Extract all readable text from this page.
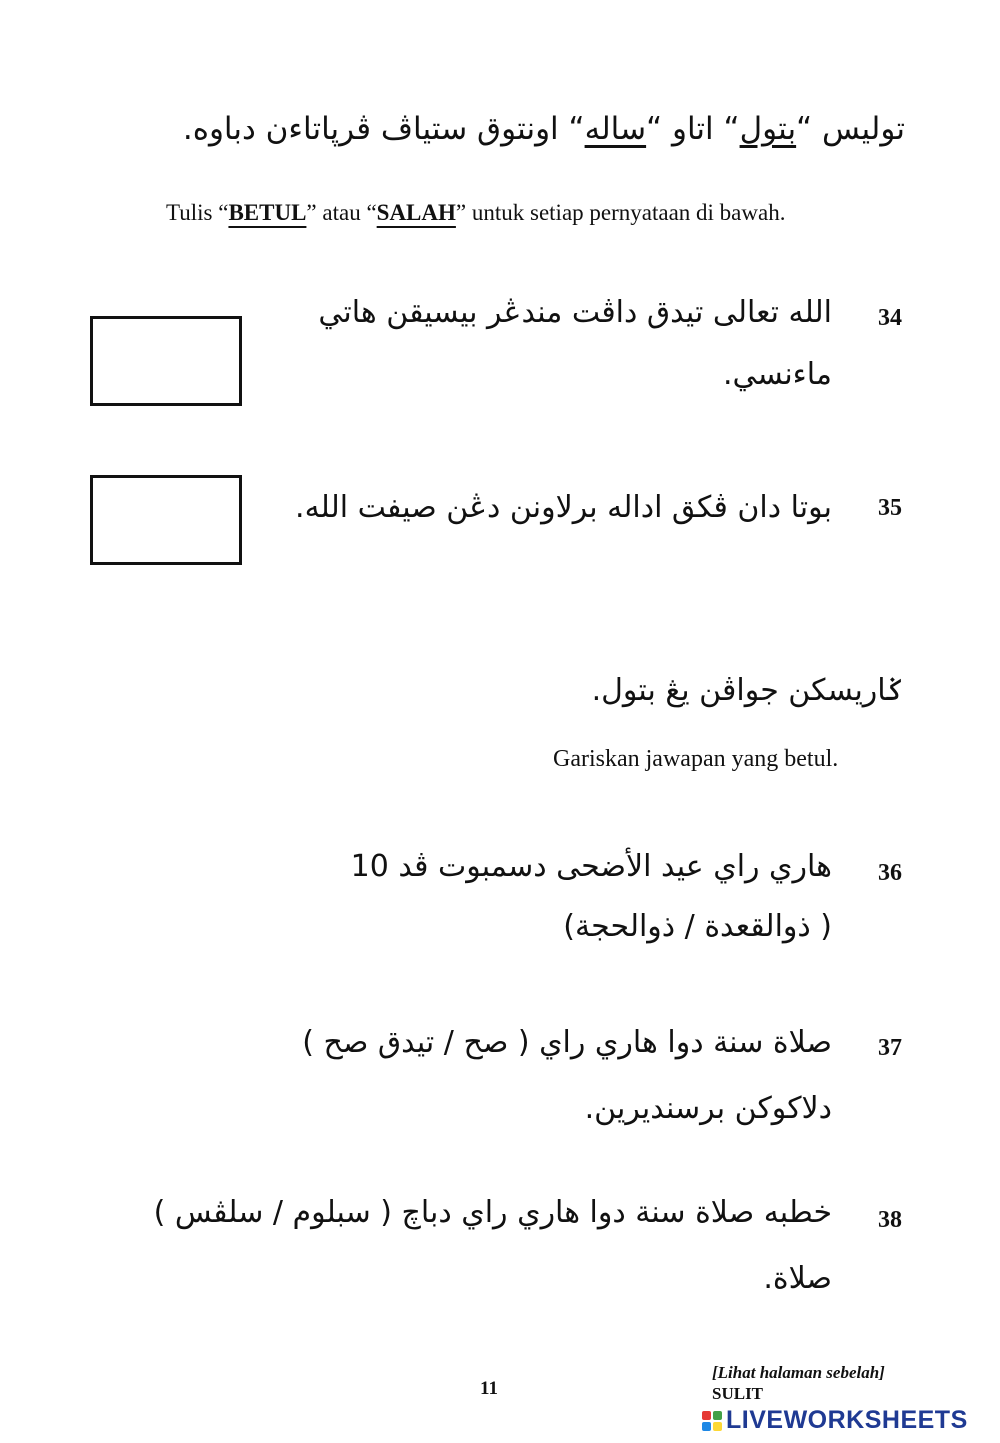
توليس “بتول“ اتاو “ساله“ اونتوق ستياڤ ڤرڽاتاءن دباوه.
Tulis “BETUL” atau “SALAH” untuk setiap pernyataan di bawah.
الله تعالى تيدق داڤت مندڠر بيسيقن هاتي
ماءنسي.
34
بوتا دان ڤكق اداله برلاونن دڠن صيفت الله. 35
ݢاريسكن جواڤن يڠ بتول.
Gariskan jawapan yang betul.
هاري راي عيد الأضحى دسمبوت ڤد 10
( ذوالقعدة / ذوالحجة)
36
صلاة سنة دوا هاري راي ( صح / تيدق صح )
دلاكوكن برسنديرين.
37
خطبه صلاة سنة دوا هاري راي دباچ ( سبلوم / سلڤس )
صلاة.
38
11
[Lihat halaman sebelah]
SULIT
LIVEWORKSHEETS
